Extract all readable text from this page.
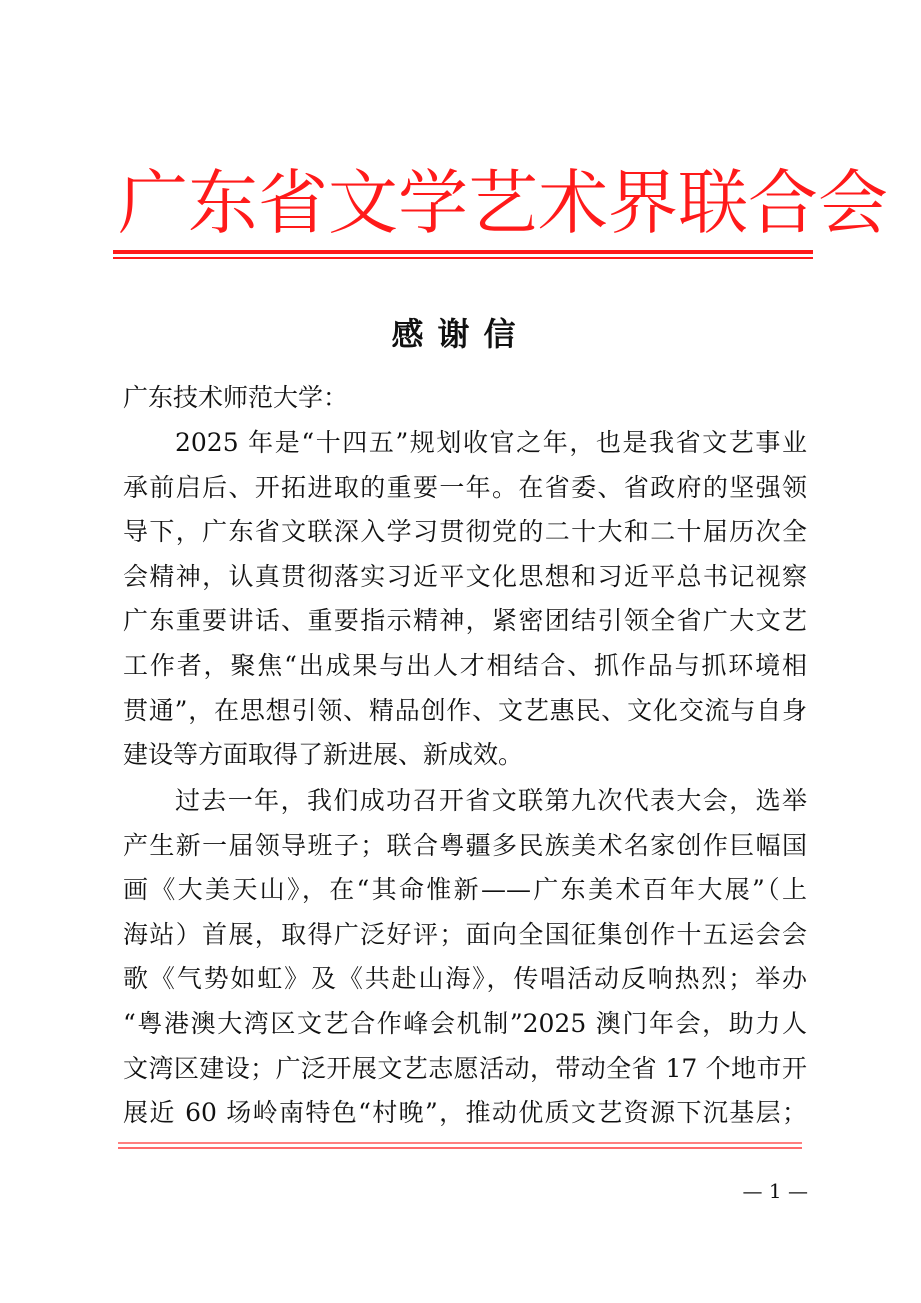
广 东 省 文 学 艺 术 界 联 合 会
感谢信
广东技术师范大学：
2025 年是“十四五”规划收官之年，也是我省文艺事业
承前启后、开拓进取的重要一年。在省委、省政府的坚强领
导下，广东省文联深入学习贯彻党的二十大和二十届历次全
会精神，认真贯彻落实习近平文化思想和习近平总书记视察
广东重要讲话、重要指示精神，紧密团结引领全省广大文艺
工作者，聚焦“出成果与出人才相结合、抓作品与抓环境相
贯通”，在思想引领、精品创作、文艺惠民、文化交流与自身
建设等方面取得了新进展、新成效。
过去一年，我们成功召开省文联第九次代表大会，选举
产生新一届领导班子；联合粤疆多民族美术名家创作巨幅国
画《大美天山》，在“其命惟新——广东美术百年大展”（上
海站）首展，取得广泛好评；面向全国征集创作十五运会会
歌《气势如虹》及《共赴山海》，传唱活动反响热烈；举办
“粤港澳大湾区文艺合作峰会机制”2025 澳门年会，助力人
文湾区建设；广泛开展文艺志愿活动，带动全省 17 个地市开
展近 60 场岭南特色“村晚”，推动优质文艺资源下沉基层；
— 1 —
